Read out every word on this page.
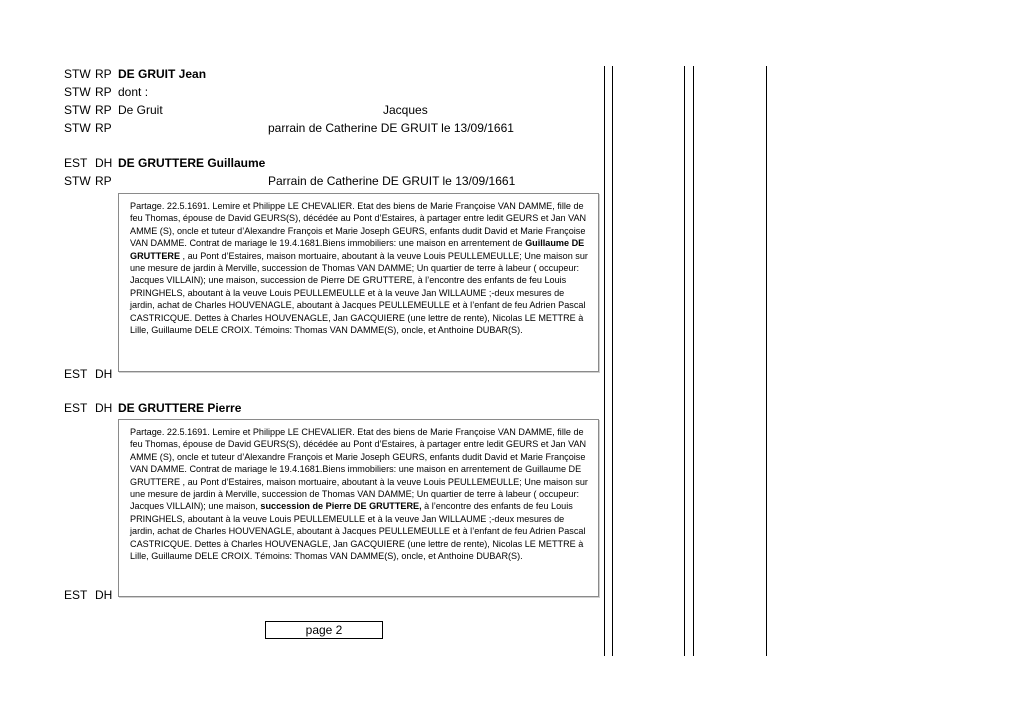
STW RP DE GRUIT Jean
STW RP dont :
STW RP De Gruit	Jacques
STW RP	parrain de Catherine DE GRUIT le 13/09/1661
EST DH DE GRUTTERE Guillaume
STW RP	Parrain de Catherine DE GRUIT le 13/09/1661

Partage. 22.5.1691. Lemire et Philippe LE CHEVALIER. Etat des biens de Marie Françoise VAN DAMME, fille de feu Thomas, épouse de David GEURS(S), décédée au Pont d’Estaires, à partager entre ledit GEURS et Jan VAN AMME (S), oncle et tuteur d’Alexandre François et Marie Joseph GEURS, enfants dudit David et Marie Françoise VAN DAMME. Contrat de mariage le 19.4.1681.Biens immobiliers: une maison en arrentement de Guillaume DE GRUTTERE , au Pont d’Estaires, maison mortuaire, aboutant à la veuve Louis PEULLEMEULLE; Une maison sur une mesure de jardin à Merville, succession de Thomas VAN DAMME; Un quartier de terre à labeur ( occupeur: Jacques VILLAIN); une maison, succession de Pierre DE GRUTTERE, à l’encontre des enfants de feu Louis PRINGHELS, aboutant à la veuve Louis PEULLEMEULLE et à la veuve Jan WILLAUME ;-deux mesures de jardin, achat de Charles HOUVENAGLE, aboutant à Jacques PEULLEMEULLE et à l’enfant de feu Adrien Pascal CASTRICQUE. Dettes à Charles HOUVENAGLE, Jan GACQUIERE (une lettre de rente), Nicolas LE METTRE à Lille, Guillaume DELE CROIX. Témoins: Thomas VAN DAMME(S), oncle, et Anthoine DUBAR(S).

EST DH
EST DH DE GRUTTERE Pierre

Partage. 22.5.1691. Lemire et Philippe LE CHEVALIER. Etat des biens de Marie Françoise VAN DAMME, fille de feu Thomas, épouse de David GEURS(S), décédée au Pont d’Estaires, à partager entre ledit GEURS et Jan VAN AMME (S), oncle et tuteur d’Alexandre François et Marie Joseph GEURS, enfants dudit David et Marie Françoise VAN DAMME. Contrat de mariage le 19.4.1681.Biens immobiliers: une maison en arrentement de Guillaume DE GRUTTERE , au Pont d’Estaires, maison mortuaire, aboutant à la veuve Louis PEULLEMEULLE; Une maison sur une mesure de jardin à Merville, succession de Thomas VAN DAMME; Un quartier de terre à labeur ( occupeur: Jacques VILLAIN); une maison, succession de Pierre DE GRUTTERE, à l’encontre des enfants de feu Louis PRINGHELS, aboutant à la veuve Louis PEULLEMEULLE et à la veuve Jan WILLAUME ;-deux mesures de jardin, achat de Charles HOUVENAGLE, aboutant à Jacques PEULLEMEULLE et à l’enfant de feu Adrien Pascal CASTRICQUE. Dettes à Charles HOUVENAGLE, Jan GACQUIERE (une lettre de rente), Nicolas LE METTRE à Lille, Guillaume DELE CROIX. Témoins: Thomas VAN DAMME(S), oncle, et Anthoine DUBAR(S).

EST DH
page 2
